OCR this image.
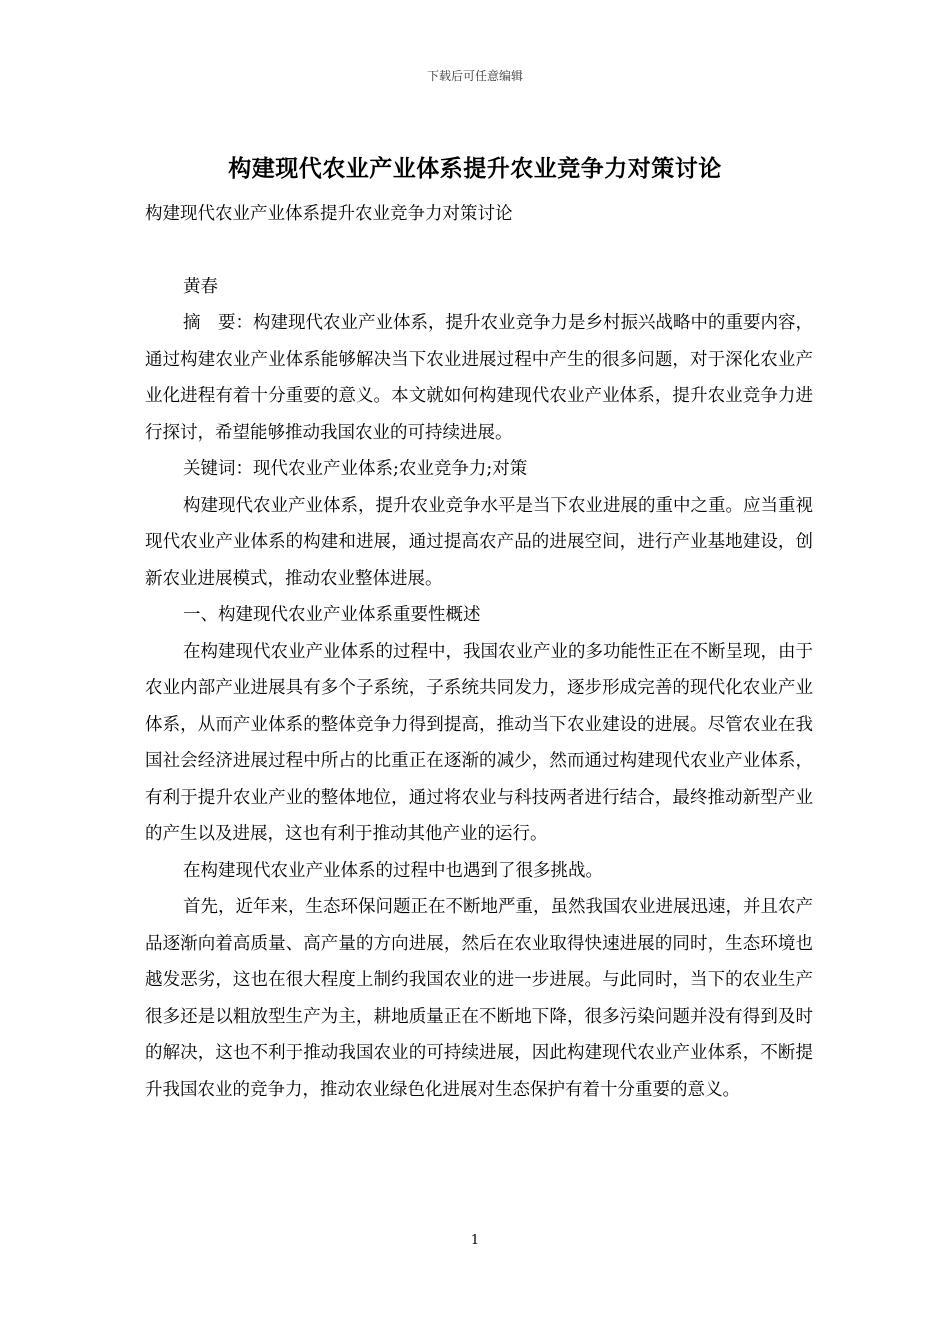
下载后可任意编辑
构建现代农业产业体系提升农业竞争力对策讨论

构建现代农业产业体系提升农业竞争力对策讨论

黄春

摘　要：构建现代农业产业体系，提升农业竞争力是乡村振兴战略中的重要内容，通过构建农业产业体系能够解决当下农业进展过程中产生的很多问题，对于深化农业产业化进程有着十分重要的意义。本文就如何构建现代农业产业体系，提升农业竞争力进行探讨，希望能够推动我国农业的可持续进展。

关键词：现代农业产业体系;农业竞争力;对策

构建现代农业产业体系，提升农业竞争水平是当下农业进展的重中之重。应当重视现代农业产业体系的构建和进展，通过提高农产品的进展空间，进行产业基地建设，创新农业进展模式，推动农业整体进展。

一、构建现代农业产业体系重要性概述

在构建现代农业产业体系的过程中，我国农业产业的多功能性正在不断呈现，由于农业内部产业进展具有多个子系统，子系统共同发力，逐步形成完善的现代化农业产业体系，从而产业体系的整体竞争力得到提高，推动当下农业建设的进展。尽管农业在我国社会经济进展过程中所占的比重正在逐渐的减少，然而通过构建现代农业产业体系，有利于提升农业产业的整体地位，通过将农业与科技两者进行结合，最终推动新型产业的产生以及进展，这也有利于推动其他产业的运行。

在构建现代农业产业体系的过程中也遇到了很多挑战。

首先，近年来，生态环保问题正在不断地严重，虽然我国农业进展迅速，并且农产品逐渐向着高质量、高产量的方向进展，然后在农业取得快速进展的同时，生态环境也越发恶劣，这也在很大程度上制约我国农业的进一步进展。与此同时，当下的农业生产很多还是以粗放型生产为主，耕地质量正在不断地下降，很多污染问题并没有得到及时的解决，这也不利于推动我国农业的可持续进展，因此构建现代农业产业体系，不断提升我国农业的竞争力，推动农业绿色化进展对生态保护有着十分重要的意义。

1
